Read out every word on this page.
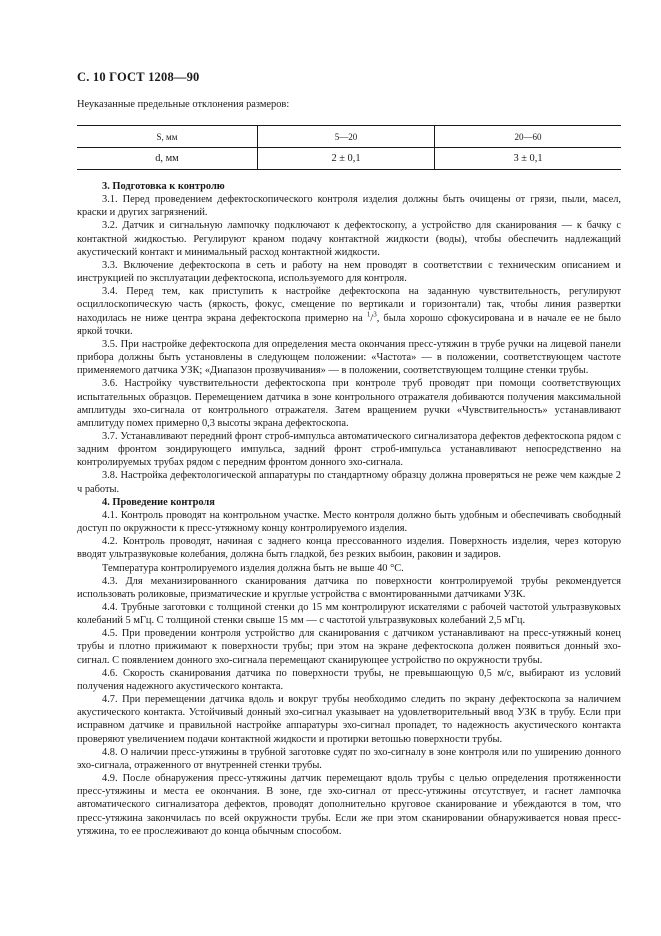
С. 10 ГОСТ 1208—90
Неуказанные предельные отклонения размеров:
S, мм	5—20	20—60
d, мм	2 ± 0,1	3 ± 0,1

3. Подготовка к контролю

3.1. Перед проведением дефектоскопического контроля изделия должны быть очищены от грязи, пыли, масел, краски и других загрязнений.

3.2. Датчик и сигнальную лампочку подключают к дефектоскопу, а устройство для сканирования — к бачку с контактной жидкостью. Регулируют краном подачу контактной жидкости (воды), чтобы обеспечить надлежащий акустический контакт и минимальный расход контактной жидкости.

3.3. Включение дефектоскопа в сеть и работу на нем проводят в соответствии с техническим описанием и инструкцией по эксплуатации дефектоскопа, используемого для контроля.

3.4. Перед тем, как приступить к настройке дефектоскопа на заданную чувствительность, регулируют осциллоскопическую часть (яркость, фокус, смещение по вертикали и горизонтали) так, чтобы линия развертки находилась не ниже центра экрана дефектоскопа примерно на $^1$/$^3$, была хорошо сфокусирована и в начале ее не было яркой точки.

3.5. При настройке дефектоскопа для определения места окончания пресс-утяжин в трубе ручки на лицевой панели прибора должны быть установлены в следующем положении: «Частота» — в положении, соответствующем частоте применяемого датчика УЗК; «Диапазон прозвучивания» — в положении, соответствующем толщине стенки трубы.

3.6. Настройку чувствительности дефектоскопа при контроле труб проводят при помощи соответствующих испытательных образцов. Перемещением датчика в зоне контрольного отражателя добиваются получения максимальной амплитуды эхо-сигнала от контрольного отражателя. Затем вращением ручки «Чувствительность» устанавливают амплитуду помех примерно 0,3 высоты экрана дефектоскопа.

3.7. Устанавливают передний фронт строб-импульса автоматического сигнализатора дефектов дефектоскопа рядом с задним фронтом зондирующего импульса, задний фронт строб-импульса устанавливают непосредственно на контролируемых трубах рядом с передним фронтом донного эхо-сигнала.

3.8. Настройка дефектологической аппаратуры по стандартному образцу должна проверяться не реже чем каждые 2 ч работы.

4. Проведение контроля

4.1. Контроль проводят на контрольном участке. Место контроля должно быть удобным и обеспечивать свободный доступ по окружности к пресс-утяжному концу контролируемого изделия.

4.2. Контроль проводят, начиная с заднего конца прессованного изделия. Поверхность изделия, через которую вводят ультразвуковые колебания, должна быть гладкой, без резких выбоин, раковин и задиров.

Температура контролируемого изделия должна быть не выше 40 °С.

4.3. Для механизированного сканирования датчика по поверхности контролируемой трубы рекомендуется использовать роликовые, призматические и круглые устройства с вмонтированными датчиками УЗК.

4.4. Трубные заготовки с толщиной стенки до 15 мм контролируют искателями с рабочей частотой ультразвуковых колебаний 5 мГц. С толщиной стенки свыше 15 мм — с частотой ультразвуковых колебаний 2,5 мГц.

4.5. При проведении контроля устройство для сканирования с датчиком устанавливают на пресс-утяжный конец трубы и плотно прижимают к поверхности трубы; при этом на экране дефектоскопа должен появиться донный эхо-сигнал. С появлением донного эхо-сигнала перемещают сканирующее устройство по окружности трубы.

4.6. Скорость сканирования датчика по поверхности трубы, не превышающую 0,5 м/с, выбирают из условий получения надежного акустического контакта.

4.7. При перемещении датчика вдоль и вокруг трубы необходимо следить по экрану дефектоскопа за наличием акустического контакта. Устойчивый донный эхо-сигнал указывает на удовлетворительный ввод УЗК в трубу. Если при исправном датчике и правильной настройке аппаратуры эхо-сигнал пропадет, то надежность акустического контакта проверяют увеличением подачи контактной жидкости и протирки ветошью поверхности трубы.

4.8. О наличии пресс-утяжины в трубной заготовке судят по эхо-сигналу в зоне контроля или по уширению донного эхо-сигнала, отраженного от внутренней стенки трубы.

4.9. После обнаружения пресс-утяжины датчик перемещают вдоль трубы с целью определения протяженности пресс-утяжины и места ее окончания. В зоне, где эхо-сигнал от пресс-утяжины отсутствует, и гаснет лампочка автоматического сигнализатора дефектов, проводят дополнительно круговое сканирование и убеждаются в том, что пресс-утяжина закончилась по всей окружности трубы. Если же при этом сканировании обнаруживается новая пресс-утяжина, то ее прослеживают до конца обычным способом.
